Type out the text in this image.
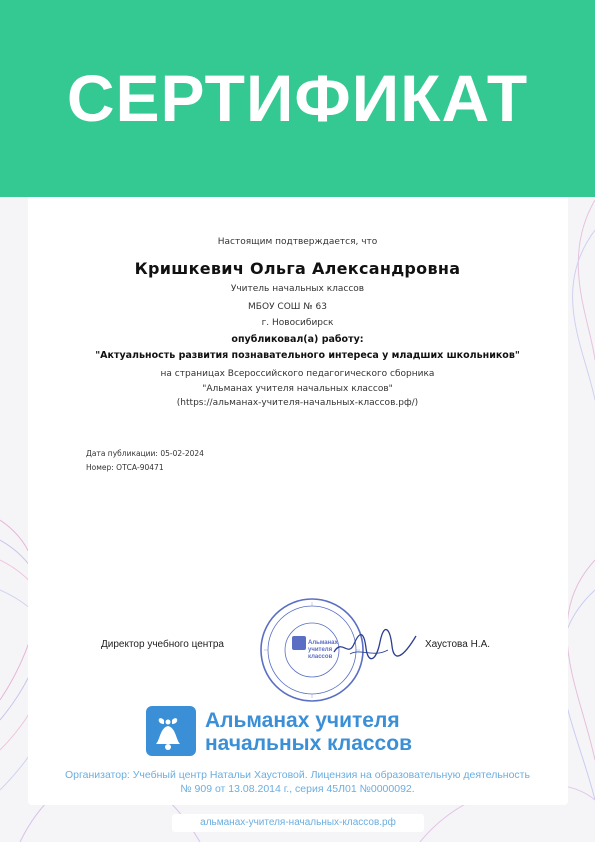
СЕРТИФИКАТ
Настоящим подтверждается, что
Кришкевич Ольга Александровна
Учитель начальных классов
МБОУ СОШ № 63
г. Новосибирск
опубликовал(а) работу:
"Актуальность развития познавательного интереса у младших школьников"
на страницах Всероссийского педагогического сборника
"Альманах учителя начальных классов"
(https://альманах-учителя-начальных-классов.рф/)
Дата публикации: 05-02-2024
Номер: ОТСА-90471
Альманах
учителя
классов
Директор учебного центра	Хаустова Н.А.
Альманах учителя
начальных классов
Организатор: Учебный центр Натальи Хаустовой. Лицензия на образовательную деятельность
№ 909 от 13.08.2014 г., серия 45Л01 №0000092.
альманах-учителя-начальных-классов.рф
